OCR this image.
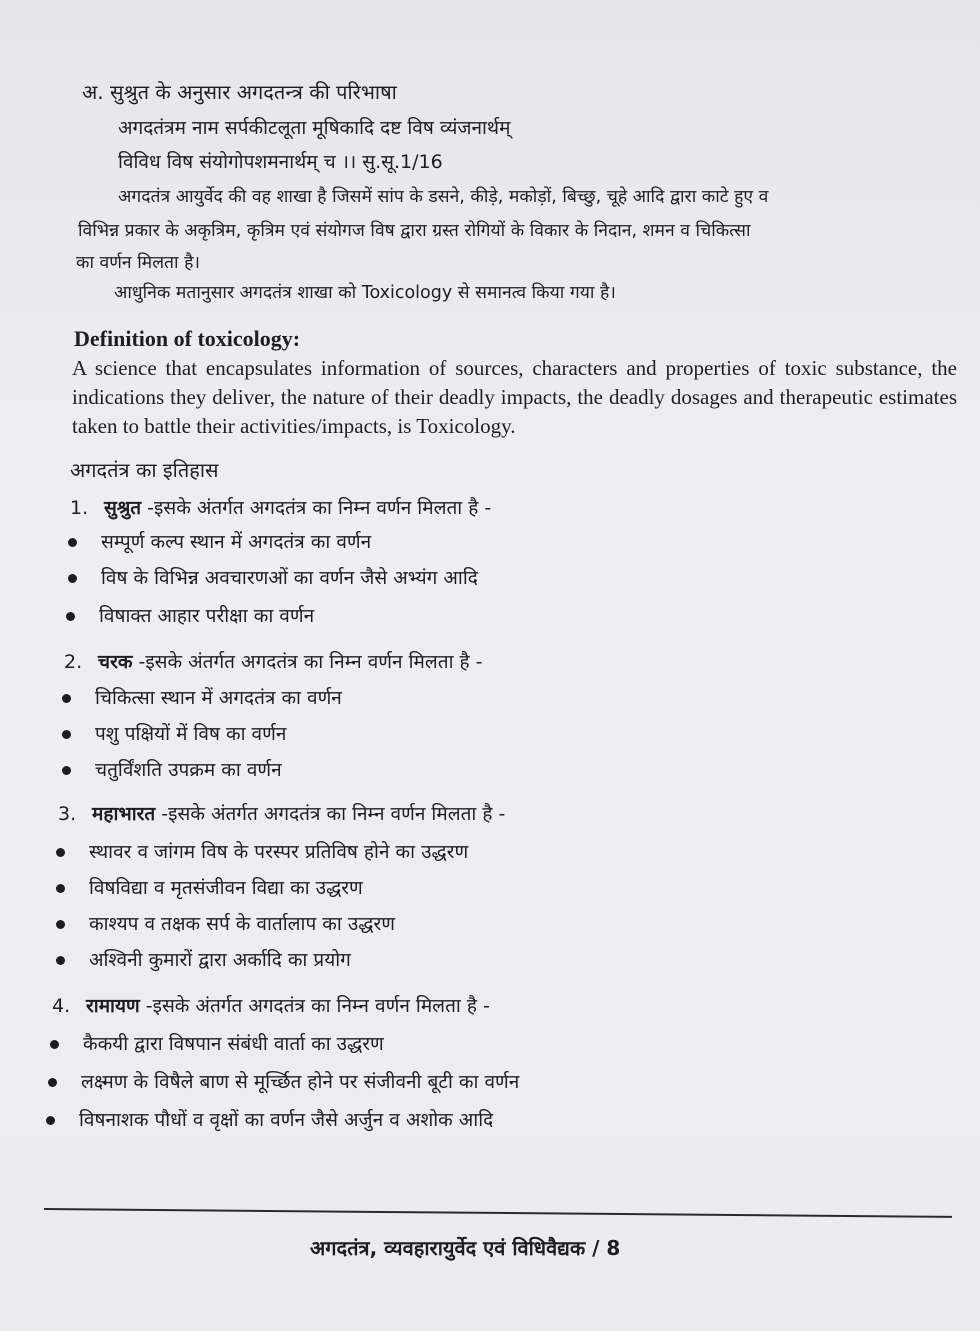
अ. सुश्रुत के अनुसार अगदतन्त्र की परिभाषा
अगदतंत्रम नाम सर्पकीटलूता मूषिकादि दष्ट विष व्यंजनार्थम्
विविध विष संयोगोपशमनार्थम् च ।। सु.सू.1/16
अगदतंत्र आयुर्वेद की वह शाखा है जिसमें सांप के डसने, कीड़े, मकोड़ों, बिच्छु, चूहे आदि द्वारा काटे हुए व
विभिन्न प्रकार के अकृत्रिम, कृत्रिम एवं संयोगज विष द्वारा ग्रस्त रोगियों के विकार के निदान, शमन व चिकित्सा
का वर्णन मिलता है।
आधुनिक मतानुसार अगदतंत्र शाखा को Toxicology से समानत्व किया गया है।
Definition of toxicology:
A science that encapsulates information of sources, characters and properties of toxic substance, the indications they deliver, the nature of their deadly impacts, the deadly dosages and therapeutic estimates taken to battle their activities/impacts, is Toxicology.
अगदतंत्र का इतिहास
1. सुश्रुत -इसके अंतर्गत अगदतंत्र का निम्न वर्णन मिलता है -
सम्पूर्ण कल्प स्थान में अगदतंत्र का वर्णन
विष के विभिन्न अवचारणओं का वर्णन जैसे अभ्यंग आदि
विषाक्त आहार परीक्षा का वर्णन
2. चरक -इसके अंतर्गत अगदतंत्र का निम्न वर्णन मिलता है -
चिकित्सा स्थान में अगदतंत्र का वर्णन
पशु पक्षियों में विष का वर्णन
चतुर्विंशति उपक्रम का वर्णन
3. महाभारत -इसके अंतर्गत अगदतंत्र का निम्न वर्णन मिलता है -
स्थावर व जांगम विष के परस्पर प्रतिविष होने का उद्धरण
विषविद्या व मृतसंजीवन विद्या का उद्धरण
काश्यप व तक्षक सर्प के वार्तालाप का उद्धरण
अश्विनी कुमारों द्वारा अर्कादि का प्रयोग
4. रामायण -इसके अंतर्गत अगदतंत्र का निम्न वर्णन मिलता है -
कैकयी द्वारा विषपान संबंधी वार्ता का उद्धरण
लक्ष्मण के विषैले बाण से मूर्च्छित होने पर संजीवनी बूटी का वर्णन
विषनाशक पौधों व वृक्षों का वर्णन जैसे अर्जुन व अशोक आदि
अगदतंत्र, व्यवहारायुर्वेद एवं विधिवैद्यक / 8
